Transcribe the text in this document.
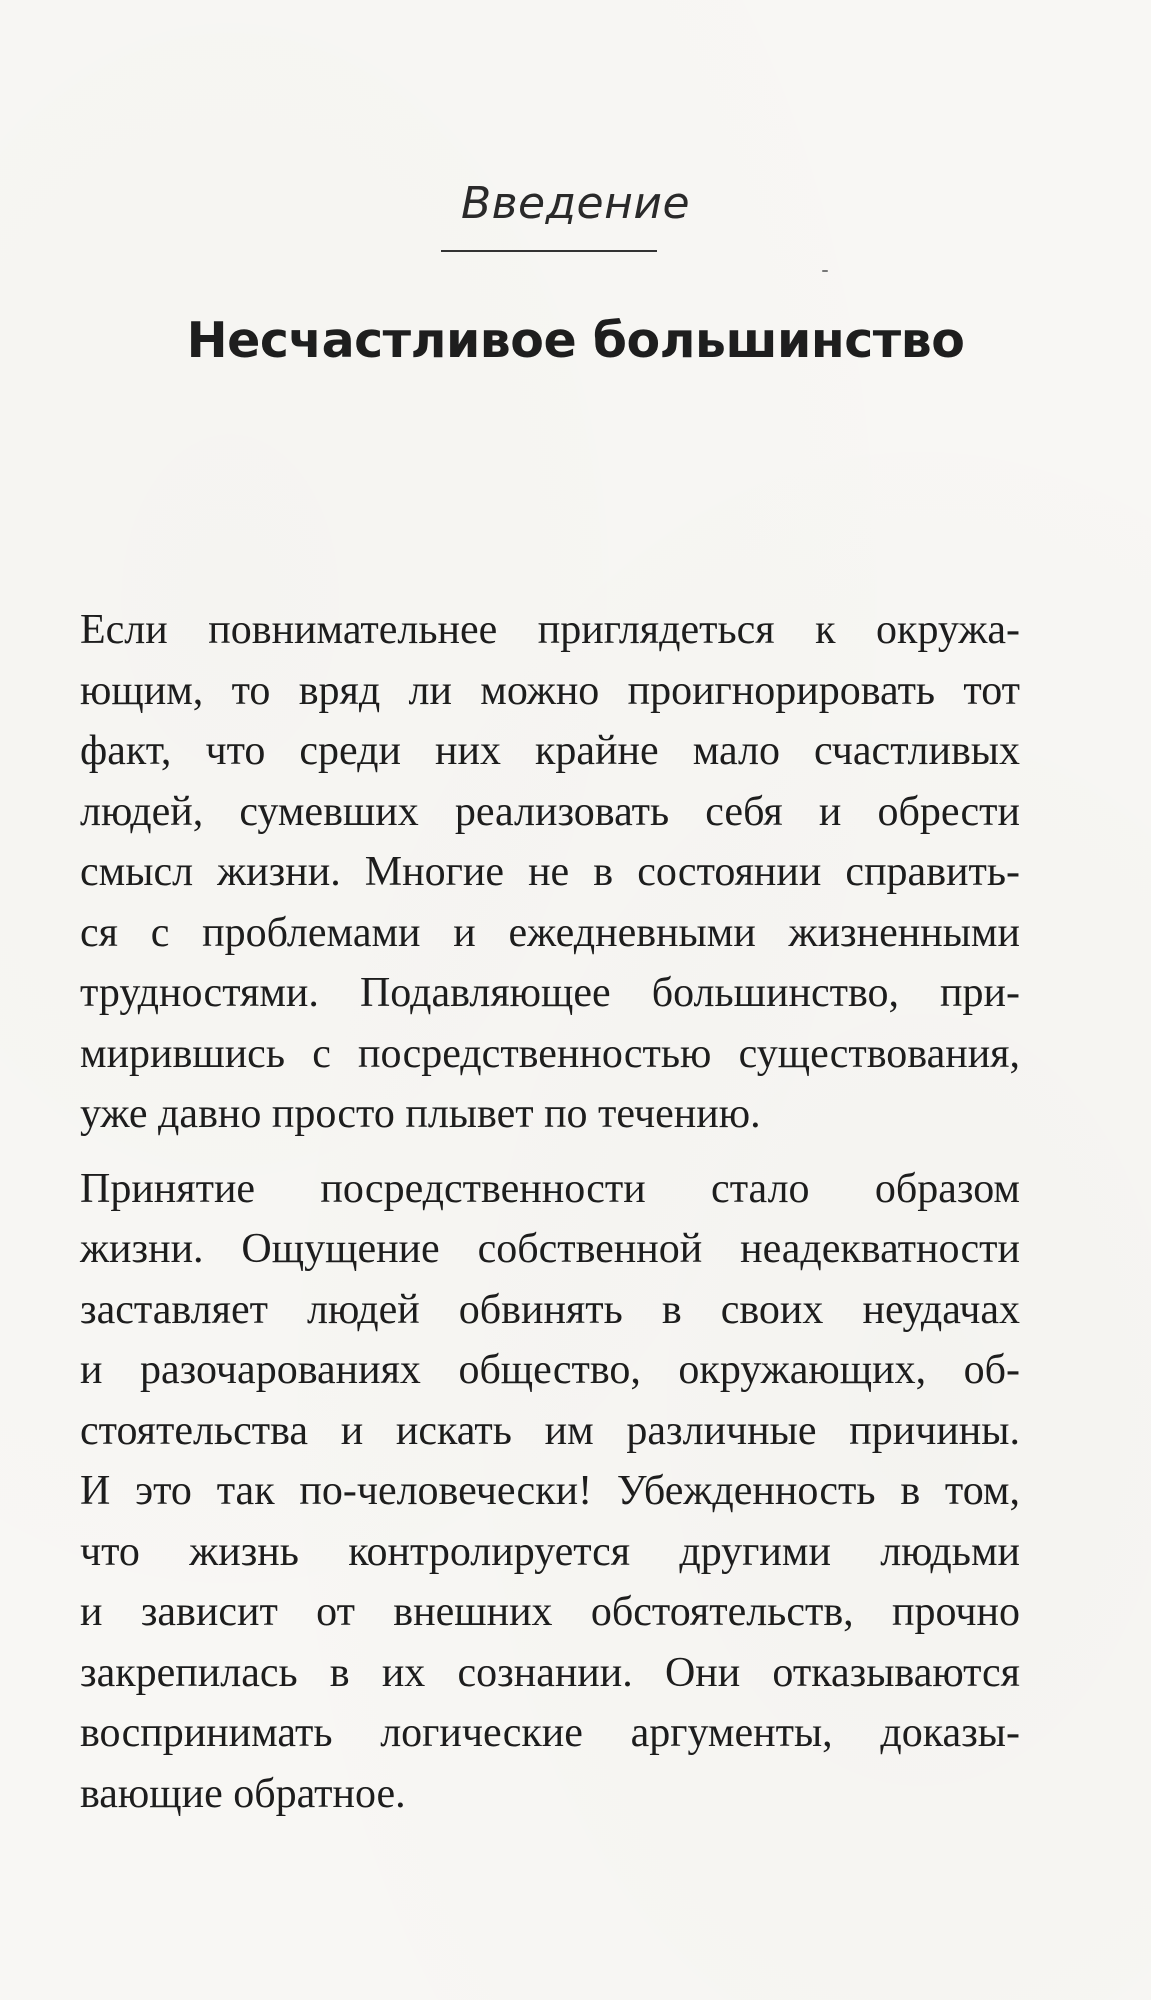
Введение
Несчастливое большинство
Если повнимательнее приглядеться к окружа-
ющим, то вряд ли можно проигнорировать тот
факт, что среди них крайне мало счастливых
людей, сумевших реализовать себя и обрести
смысл жизни. Многие не в состоянии справить-
ся с проблемами и ежедневными жизненными
трудностями. Подавляющее большинство, при-
мирившись с посредственностью существования,
уже давно просто плывет по течению.
Принятие посредственности стало образом
жизни. Ощущение собственной неадекватности
заставляет людей обвинять в своих неудачах
и разочарованиях общество, окружающих, об-
стоятельства и искать им различные причины.
И это так по-человечески! Убежденность в том,
что жизнь контролируется другими людьми
и зависит от внешних обстоятельств, прочно
закрепилась в их сознании. Они отказываются
воспринимать логические аргументы, доказы-
вающие обратное.
